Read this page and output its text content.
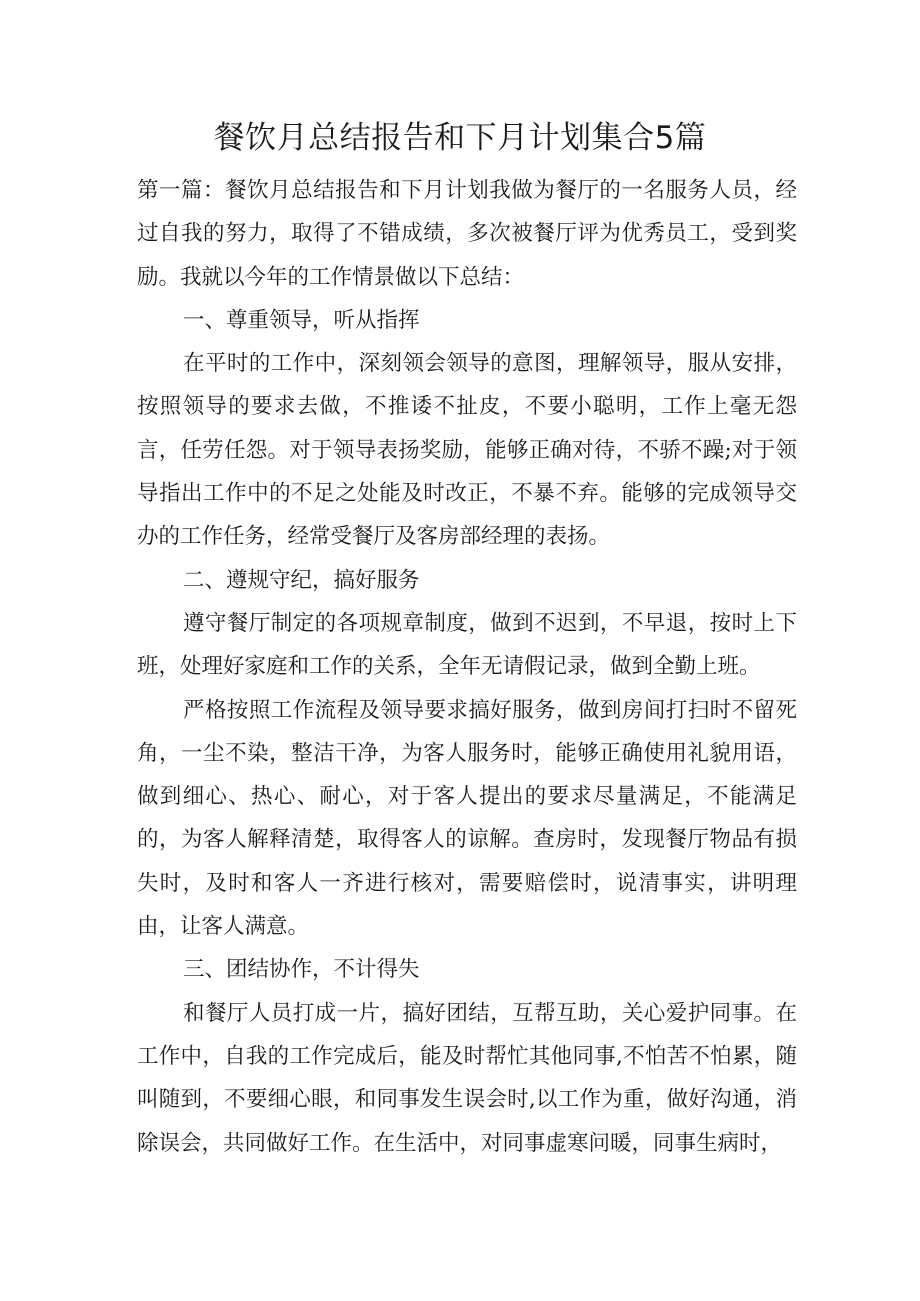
餐饮月总结报告和下月计划集合5篇

第一篇：餐饮月总结报告和下月计划我做为餐厅的一名服务人员，经过自我的努力，取得了不错成绩，多次被餐厅评为优秀员工，受到奖励。我就以今年的工作情景做以下总结：

一、尊重领导，听从指挥

在平时的工作中，深刻领会领导的意图，理解领导，服从安排，按照领导的要求去做，不推诿不扯皮，不要小聪明，工作上毫无怨言，任劳任怨。对于领导表扬奖励，能够正确对待，不骄不躁;对于领导指出工作中的不足之处能及时改正，不暴不弃。能够的完成领导交办的工作任务，经常受餐厅及客房部经理的表扬。

二、遵规守纪，搞好服务

遵守餐厅制定的各项规章制度，做到不迟到，不早退，按时上下班，处理好家庭和工作的关系，全年无请假记录，做到全勤上班。

严格按照工作流程及领导要求搞好服务，做到房间打扫时不留死角，一尘不染，整洁干净，为客人服务时，能够正确使用礼貌用语，做到细心、热心、耐心，对于客人提出的要求尽量满足，不能满足的，为客人解释清楚，取得客人的谅解。查房时，发现餐厅物品有损失时，及时和客人一齐进行核对，需要赔偿时，说清事实，讲明理由，让客人满意。

三、团结协作，不计得失

和餐厅人员打成一片，搞好团结，互帮互助，关心爱护同事。在工作中，自我的工作完成后，能及时帮忙其他同事,不怕苦不怕累，随叫随到，不要细心眼，和同事发生误会时,以工作为重，做好沟通，消除误会，共同做好工作。在生活中，对同事虚寒问暖，同事生病时，
